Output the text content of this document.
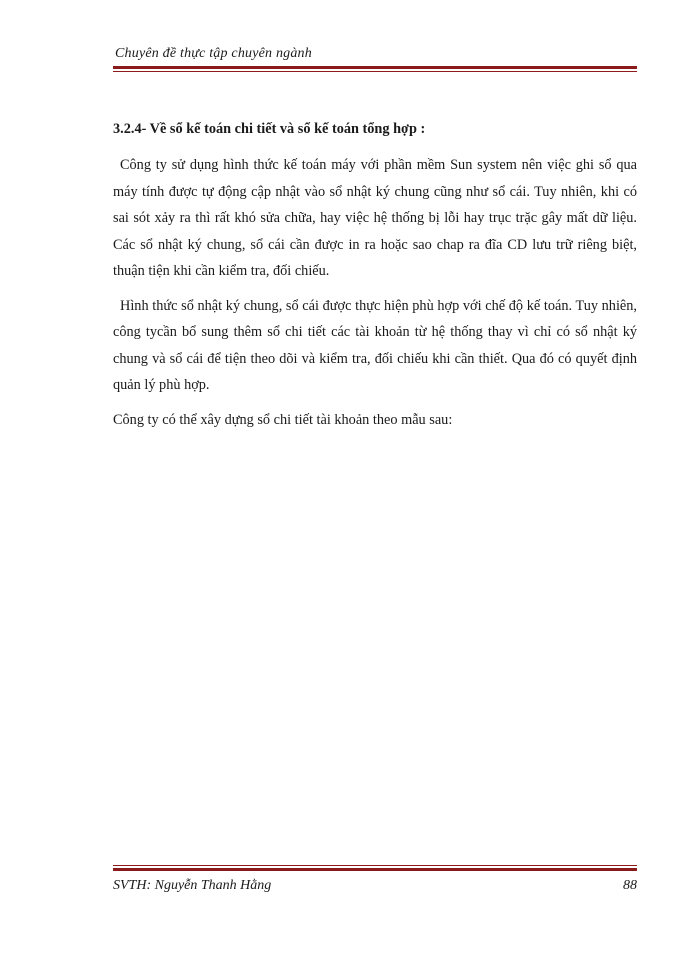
Chuyên đề thực tập chuyên ngành

3.2.4- Về sổ kế toán chi tiết và sổ kế toán tổng hợp :

Công ty sử dụng hình thức kế toán máy với phần mềm Sun system nên việc ghi sổ qua máy tính được tự động cập nhật vào sổ nhật ký chung cũng như sổ cái. Tuy nhiên, khi có sai sót xảy ra thì rất khó sửa chữa, hay việc hệ thống bị lỗi hay trục trặc gây mất dữ liệu. Các sổ nhật ký chung, sổ cái cần được in ra hoặc sao chap ra đĩa CD lưu trữ riêng biệt, thuận tiện khi cần kiểm tra, đối chiếu.

Hình thức sổ nhật ký chung, sổ cái được thực hiện phù hợp với chế độ kế toán. Tuy nhiên, công tycần bổ sung thêm sổ chi tiết các tài khoản từ hệ thống thay vì chỉ có sổ nhật ký chung và sổ cái để tiện theo dõi và kiểm tra, đối chiếu khi cần thiết. Qua đó có quyết định quản lý phù hợp.

Công ty có thể xây dựng sổ chi tiết tài khoản theo mẫu sau:

SVTH: Nguyễn Thanh Hằng	88
